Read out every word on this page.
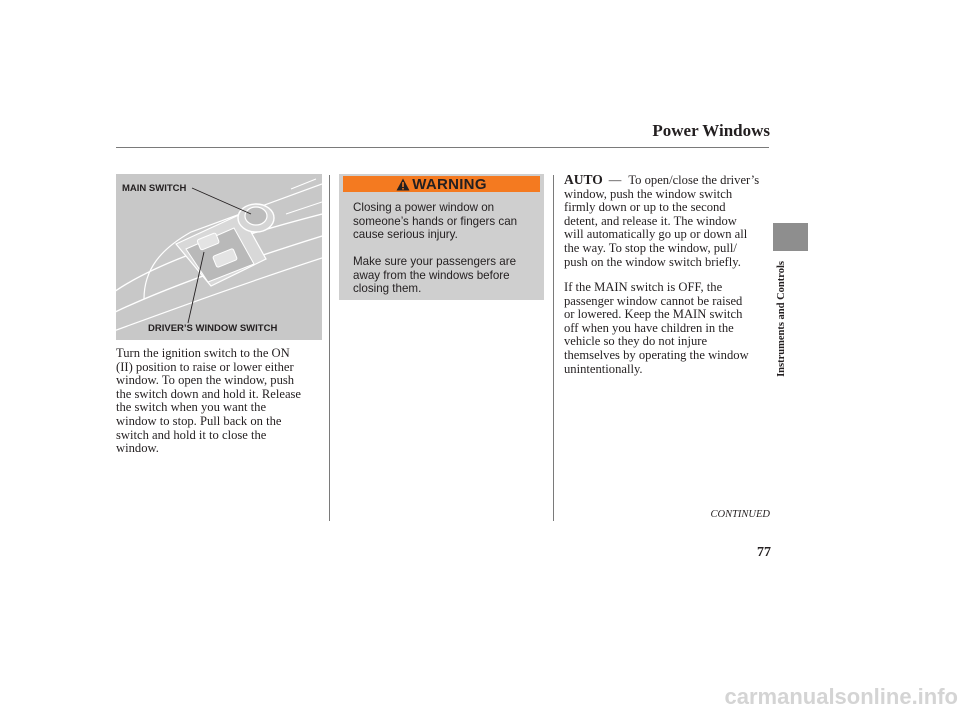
Power Windows
MAIN SWITCH
DRIVER’S WINDOW SWITCH

Turn the ignition switch to the ON
(II) position to raise or lower either
window. To open the window, push
the switch down and hold it. Release
the switch when you want the
window to stop. Pull back on the
switch and hold it to close the
window.

WARNING

Closing a power window on
someone’s hands or fingers can
cause serious injury.

Make sure your passengers are
away from the windows before
closing them.

AUTO — To open/close the driver’s
window, push the window switch
firmly down or up to the second
detent, and release it. The window
will automatically go up or down all
the way. To stop the window, pull/
push on the window switch briefly.

If the MAIN switch is OFF, the
passenger window cannot be raised
or lowered. Keep the MAIN switch
off when you have children in the
vehicle so they do not injure
themselves by operating the window
unintentionally.

CONTINUED

77

Instruments and Controls

carmanualsonline.info
